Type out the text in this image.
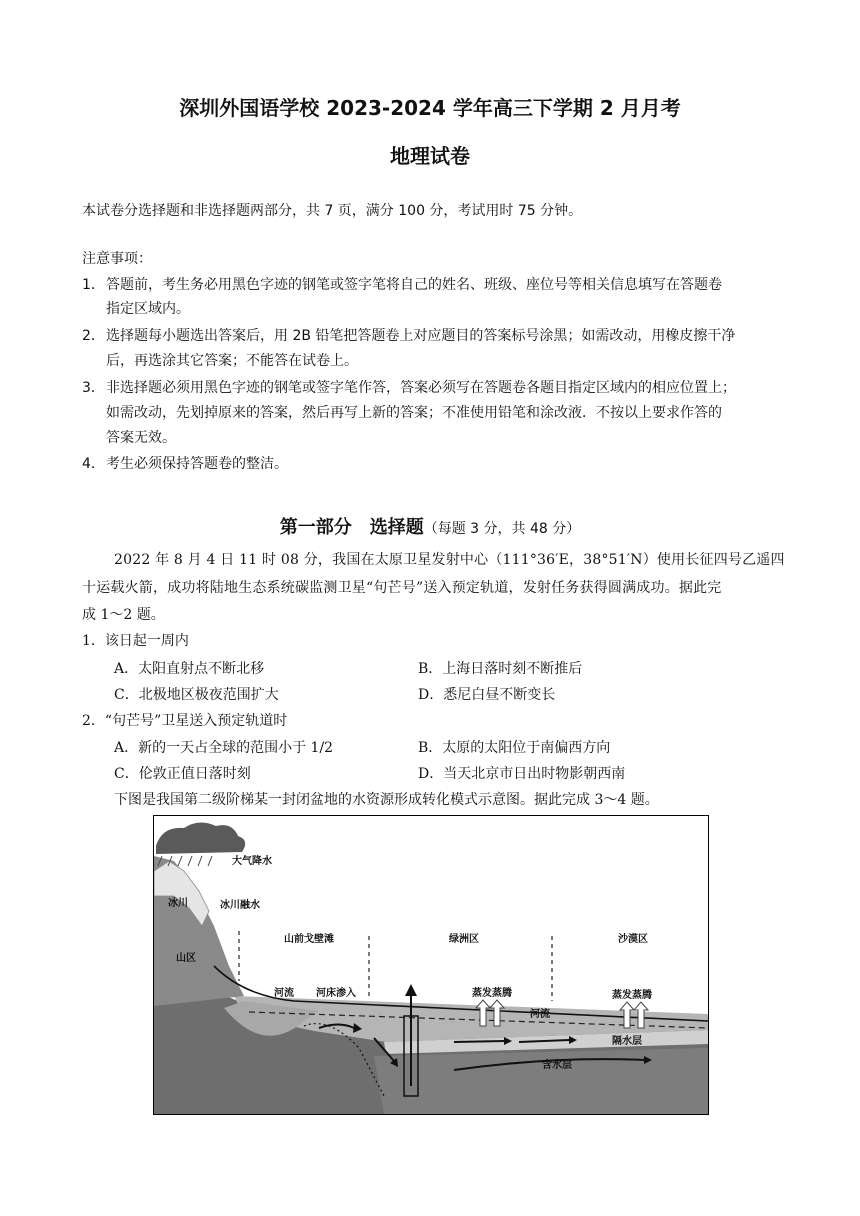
深圳外国语学校 2023-2024 学年高三下学期 2 月月考
地理试卷
本试卷分选择题和非选择题两部分，共 7 页，满分 100 分，考试用时 75 分钟。
注意事项：
1． 答题前，考生务必用黑色字迹的钢笔或签字笔将自己的姓名、班级、座位号等相关信息填写在答题卷
指定区域内。
2． 选择题每小题选出答案后，用 2B 铅笔把答题卷上对应题目的答案标号涂黑；如需改动，用橡皮擦干净
后，再选涂其它答案；不能答在试卷上。
3． 非选择题必须用黑色字迹的钢笔或签字笔作答，答案必须写在答题卷各题目指定区域内的相应位置上；
如需改动，先划掉原来的答案，然后再写上新的答案；不准使用铅笔和涂改液．不按以上要求作答的
答案无效。
4． 考生必须保持答题卷的整洁。
第一部分　选择题（每题 3 分，共 48 分）
2022 年 8 月 4 日 11 时 08 分，我国在太原卫星发射中心（111°36′E，38°51′N）使用长征四号乙遥四
十运载火箭，成功将陆地生态系统碳监测卫星“句芒号”送入预定轨道，发射任务获得圆满成功。据此完
成 1～2 题。
1．该日起一周内
A．太阳直射点不断北移	B．上海日落时刻不断推后
C．北极地区极夜范围扩大	D．悉尼白昼不断变长
2．“句芒号”卫星送入预定轨道时
A．新的一天占全球的范围小于 1/2	B．太原的太阳位于南偏西方向
C．伦敦正值日落时刻	D．当天北京市日出时物影朝西南
下图是我国第二级阶梯某一封闭盆地的水资源形成转化模式示意图。据此完成 3～4 题。
大气降水
冰川	冰川融水
山区
山前戈壁滩	绿洲区	沙漠区
河流 河床渗入	蒸发蒸腾	蒸发蒸腾
河流
隔水层
含水层
